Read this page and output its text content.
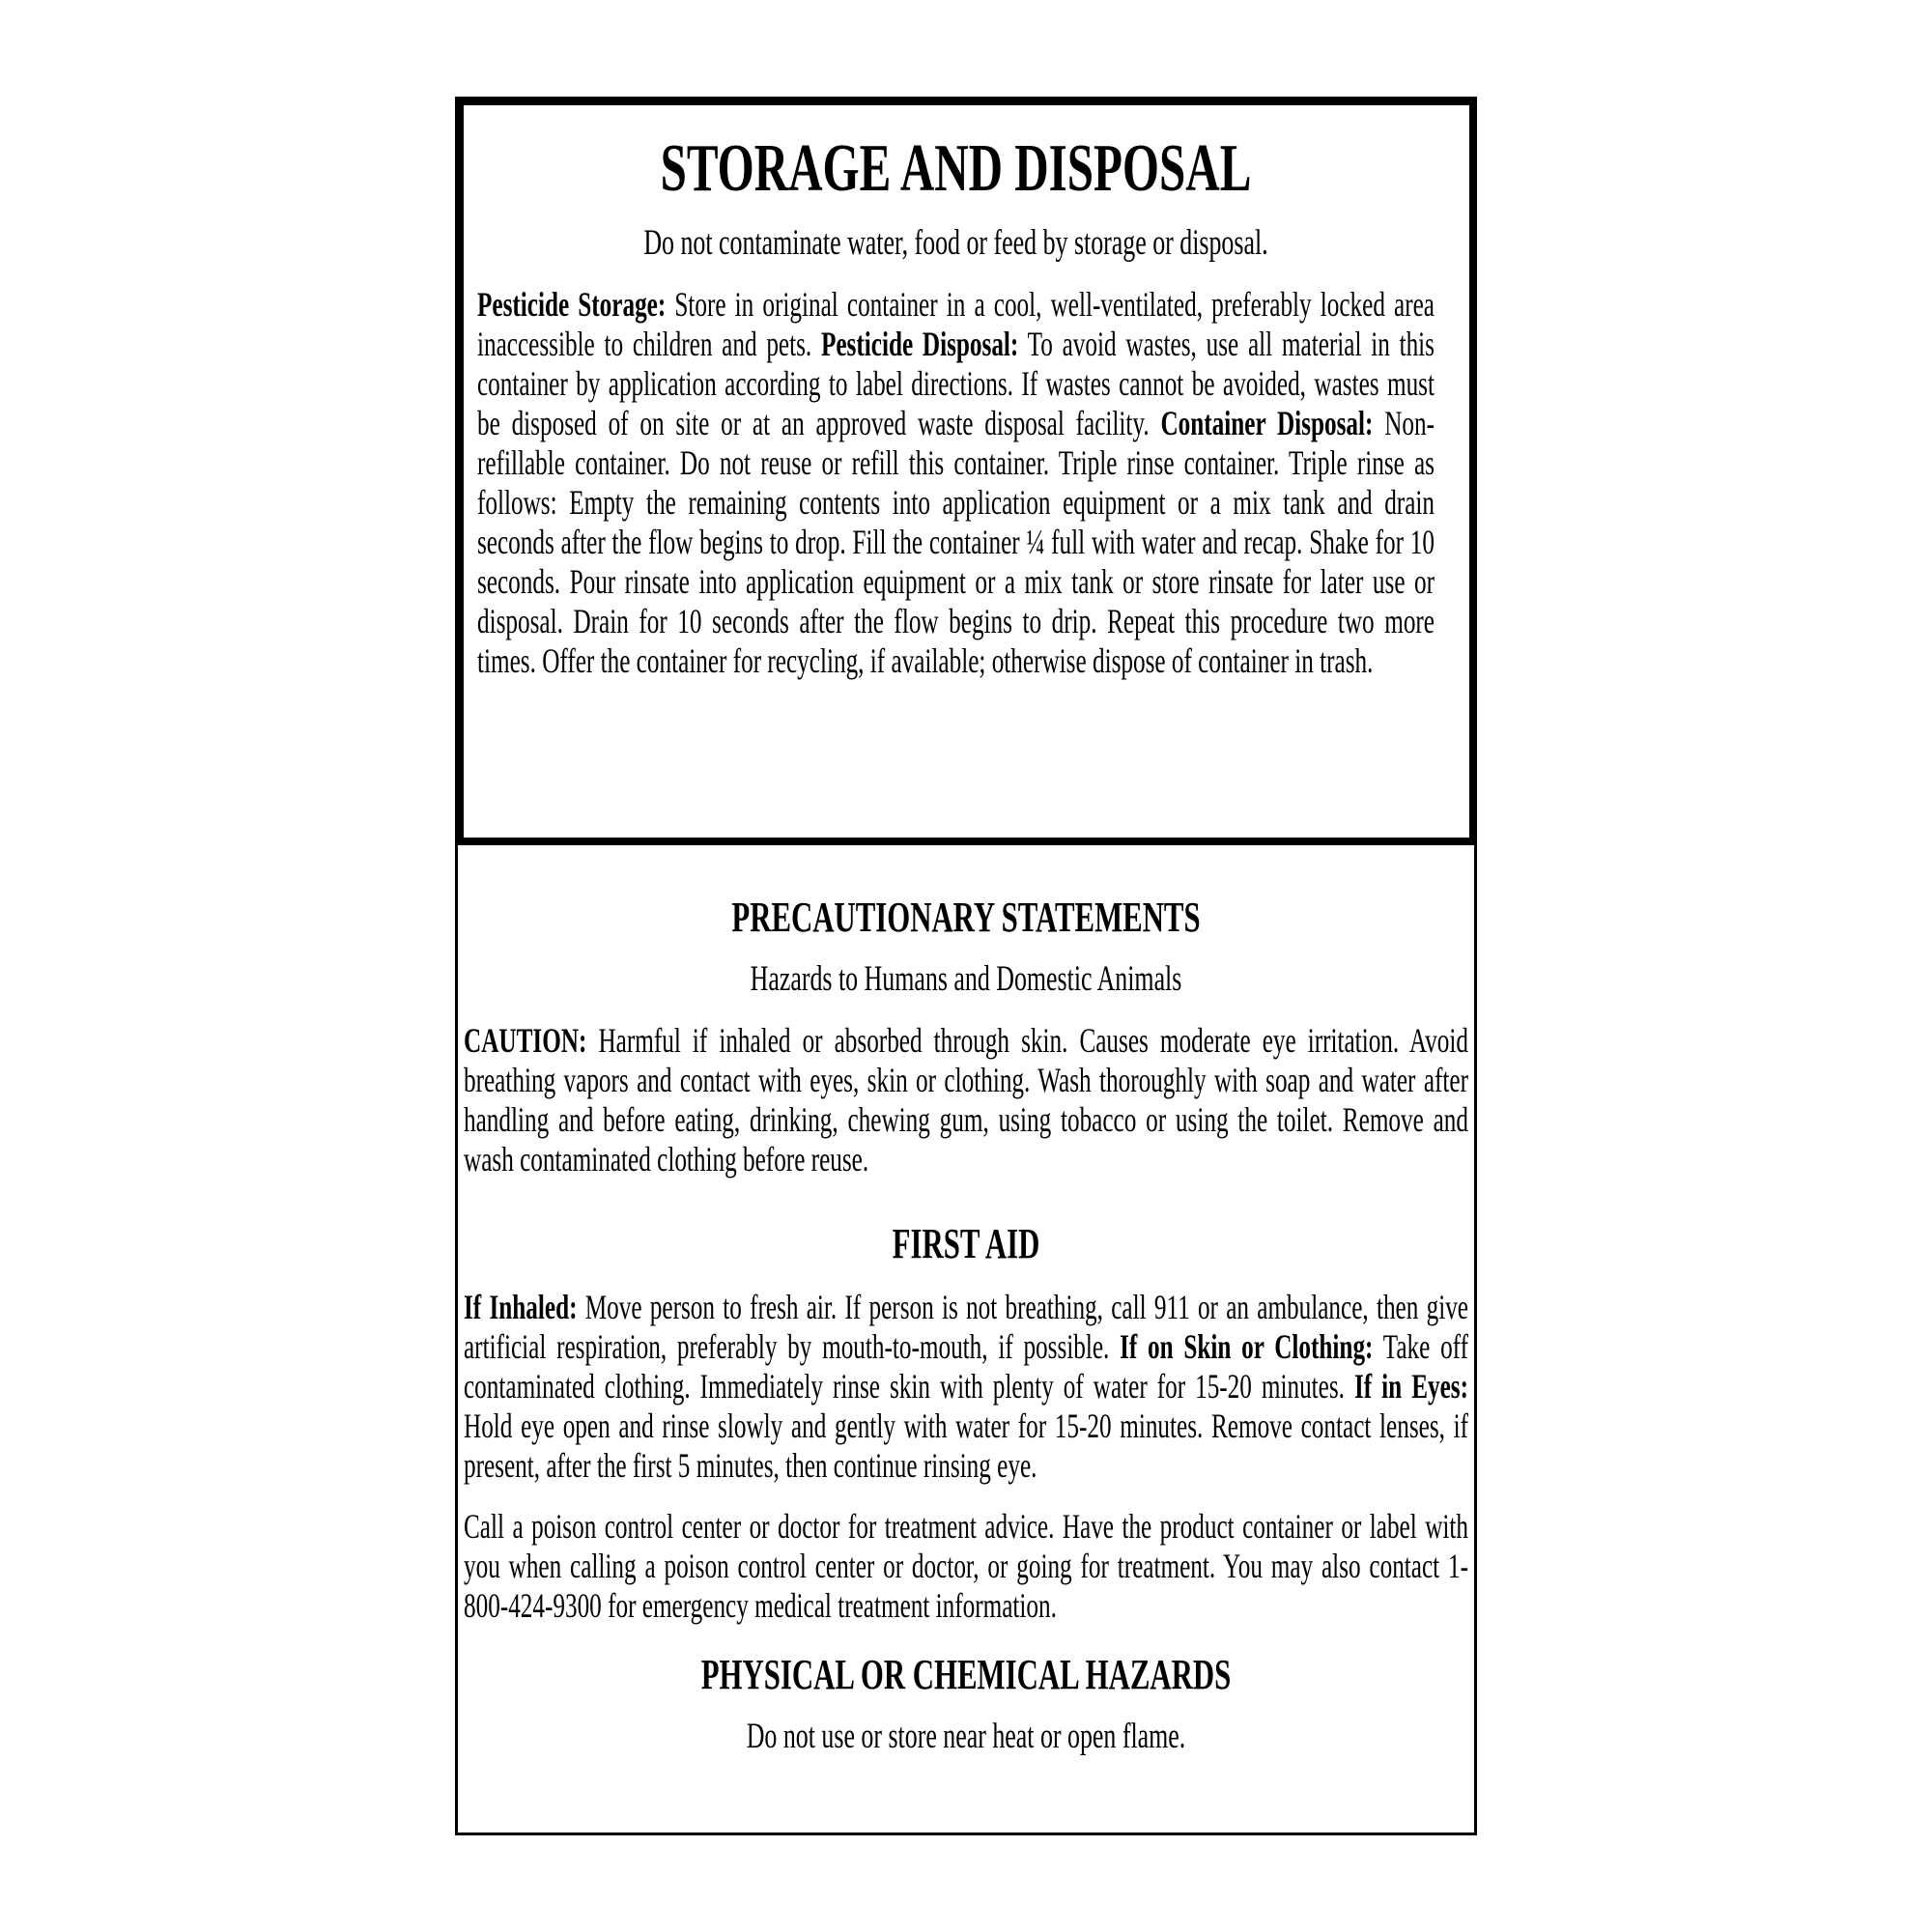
STORAGE AND DISPOSAL

Do not contaminate water, food or feed by storage or disposal.

Pesticide Storage: Store in original container in a cool, well-ventilated, preferably locked area inaccessible to children and pets. Pesticide Disposal: To avoid wastes, use all material in this container by application according to label directions. If wastes cannot be avoided, wastes must be disposed of on site or at an approved waste disposal facility. Container Disposal: Non-refillable container. Do not reuse or refill this container. Triple rinse container. Triple rinse as follows: Empty the remaining contents into application equipment or a mix tank and drain seconds after the flow begins to drop. Fill the container ¼ full with water and recap. Shake for 10 seconds. Pour rinsate into application equipment or a mix tank or store rinsate for later use or disposal. Drain for 10 seconds after the flow begins to drip. Repeat this procedure two more times. Offer the container for recycling, if available; otherwise dispose of container in trash.

PRECAUTIONARY STATEMENTS

Hazards to Humans and Domestic Animals

CAUTION: Harmful if inhaled or absorbed through skin. Causes moderate eye irritation. Avoid breathing vapors and contact with eyes, skin or clothing. Wash thoroughly with soap and water after handling and before eating, drinking, chewing gum, using tobacco or using the toilet. Remove and wash contaminated clothing before reuse.

FIRST AID

If Inhaled: Move person to fresh air. If person is not breathing, call 911 or an ambulance, then give artificial respiration, preferably by mouth-to-mouth, if possible. If on Skin or Clothing: Take off contaminated clothing. Immediately rinse skin with plenty of water for 15-20 minutes. If in Eyes: Hold eye open and rinse slowly and gently with water for 15-20 minutes. Remove contact lenses, if present, after the first 5 minutes, then continue rinsing eye.

Call a poison control center or doctor for treatment advice. Have the product container or label with you when calling a poison control center or doctor, or going for treatment. You may also contact 1-800-424-9300 for emergency medical treatment information.

PHYSICAL OR CHEMICAL HAZARDS

Do not use or store near heat or open flame.
